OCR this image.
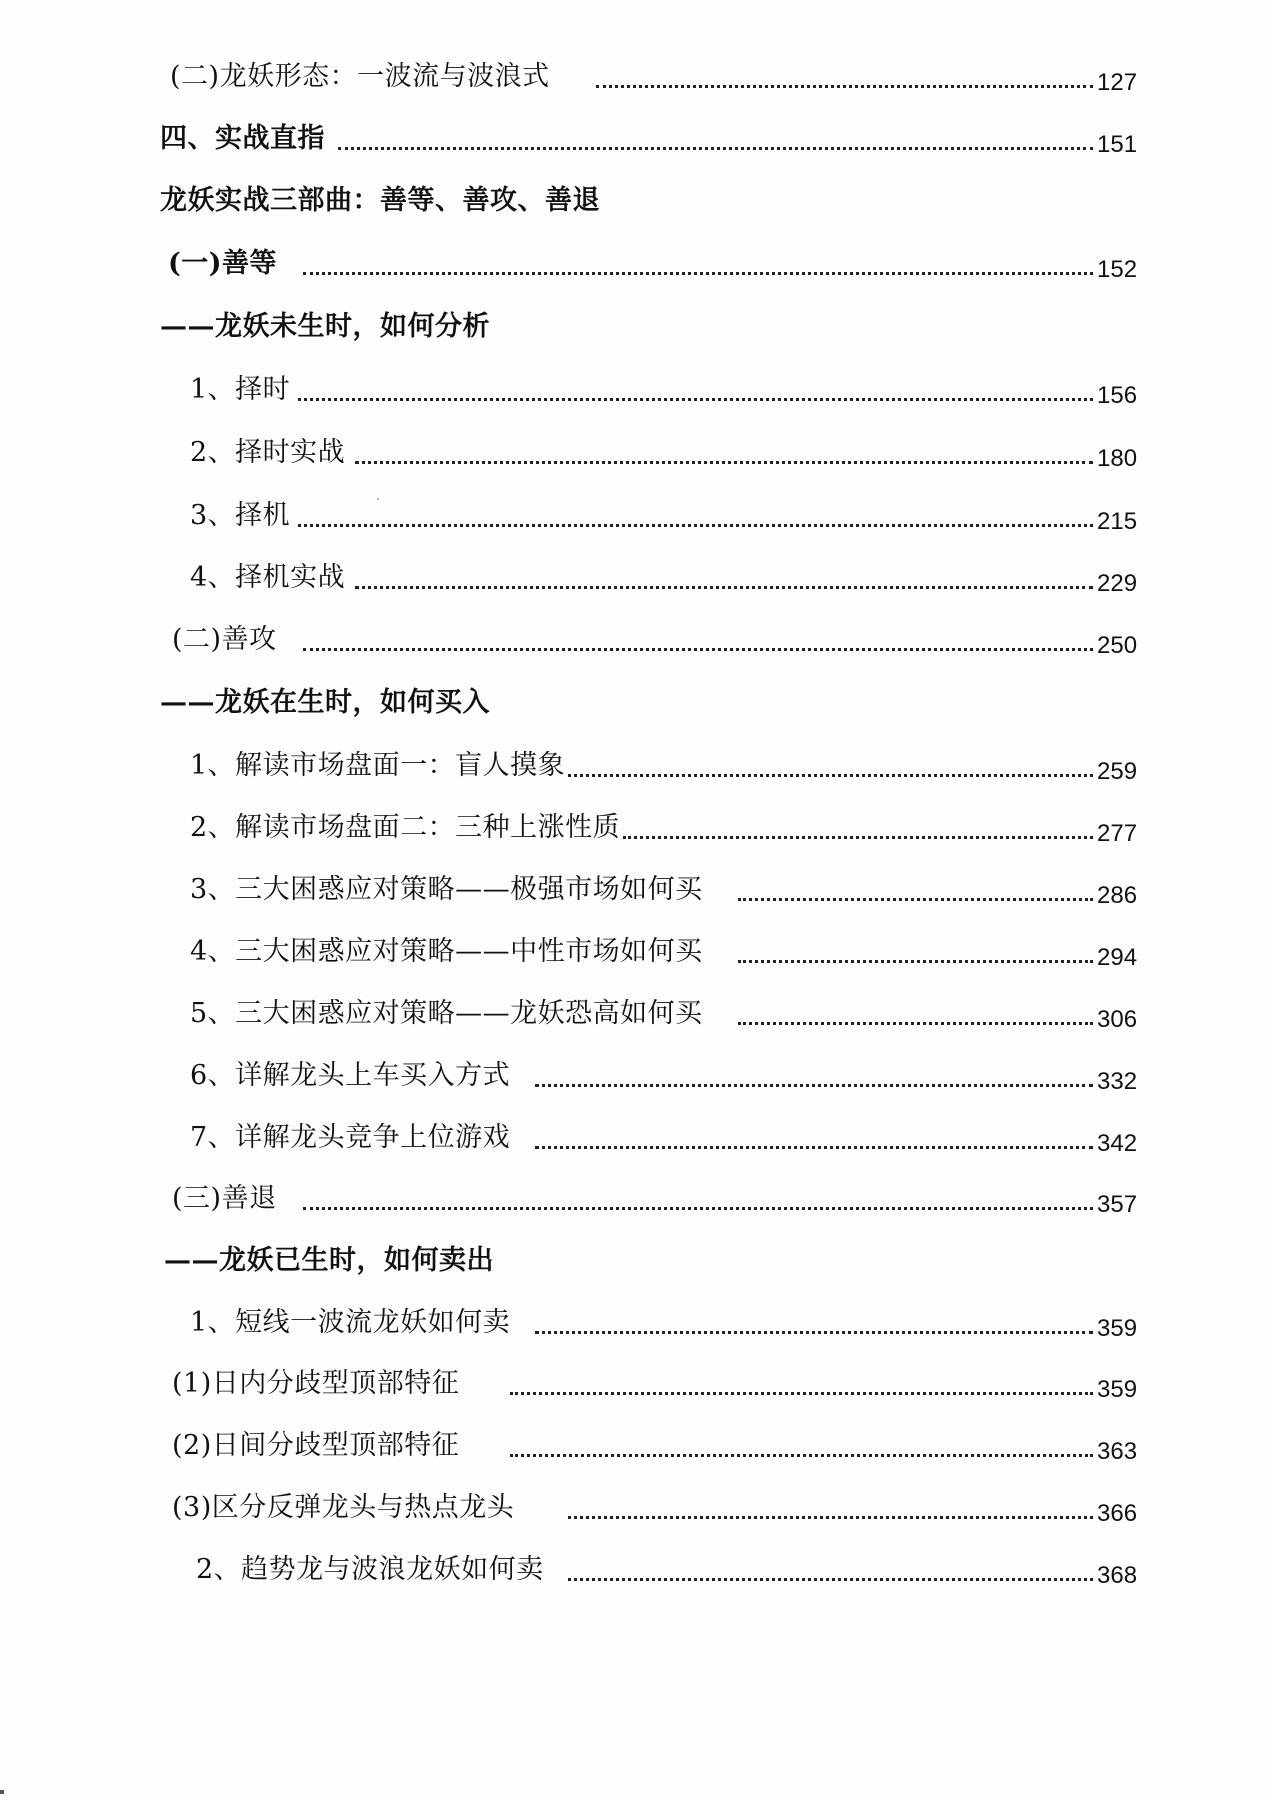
(二)龙妖形态：一波流与波浪式	127
四、实战直指	151
龙妖实战三部曲：善等、善攻、善退
(一)善等	152
——龙妖未生时，如何分析
1、择时	156
2、择时实战	180
3、择机	215
4、择机实战	229
(二)善攻	250
——龙妖在生时，如何买入
1、解读市场盘面一：盲人摸象	259
2、解读市场盘面二：三种上涨性质	277
3、三大困惑应对策略——极强市场如何买	286
4、三大困惑应对策略——中性市场如何买	294
5、三大困惑应对策略——龙妖恐高如何买	306
6、详解龙头上车买入方式	332
7、详解龙头竞争上位游戏	342
(三)善退	357
——龙妖已生时，如何卖出
1、短线一波流龙妖如何卖	359
(1)日内分歧型顶部特征	359
(2)日间分歧型顶部特征	363
(3)区分反弹龙头与热点龙头	366
2、趋势龙与波浪龙妖如何卖	368
